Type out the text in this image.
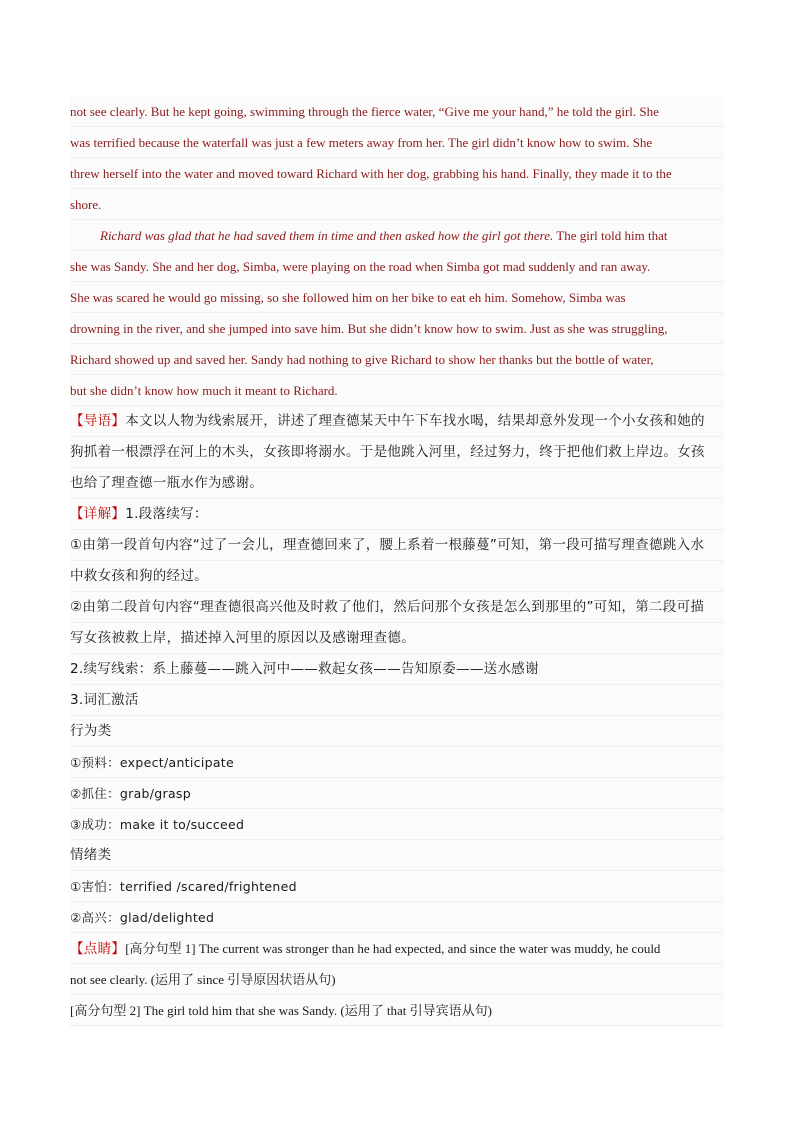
not see clearly. But he kept going, swimming through the fierce water, “Give me your hand,” he told the girl. She
was terrified because the waterfall was just a few meters away from her. The girl didn’t know how to swim. She
threw herself into the water and moved toward Richard with her dog, grabbing his hand. Finally, they made it to the
shore.
Richard was glad that he had saved them in time and then asked how the girl got there. The girl told him that
she was Sandy. She and her dog, Simba, were playing on the road when Simba got mad suddenly and ran away.
She was scared he would go missing, so she followed him on her bike to eat eh him. Somehow, Simba was
drowning in the river, and she jumped into save him. But she didn’t know how to swim. Just as she was struggling,
Richard showed up and saved her. Sandy had nothing to give Richard to show her thanks but the bottle of water,
but she didn’t know how much it meant to Richard.
【导语】本文以人物为线索展开，讲述了理查德某天中午下车找水喝，结果却意外发现一个小女孩和她的
狗抓着一根漂浮在河上的木头，女孩即将溺水。于是他跳入河里，经过努力，终于把他们救上岸边。女孩
也给了理查德一瓶水作为感谢。
【详解】1.段落续写：
①由第一段首句内容“过了一会儿，理查德回来了，腰上系着一根藤蔓”可知，第一段可描写理查德跳入水
中救女孩和狗的经过。
②由第二段首句内容“理查德很高兴他及时救了他们，然后问那个女孩是怎么到那里的”可知，第二段可描
写女孩被救上岸，描述掉入河里的原因以及感谢理查德。
2.续写线索：系上藤蔓——跳入河中——救起女孩——告知原委——送水感谢
3.词汇激活
行为类
①预料：expect/anticipate
②抓住：grab/grasp
③成功：make it to/succeed
情绪类
①害怕：terrified /scared/frightened
②高兴：glad/delighted
【点睛】[高分句型 1] The current was stronger than he had expected, and since the water was muddy, he could
not see clearly. (运用了 since 引导原因状语从句)
[高分句型 2] The girl told him that she was Sandy. (运用了 that 引导宾语从句)
